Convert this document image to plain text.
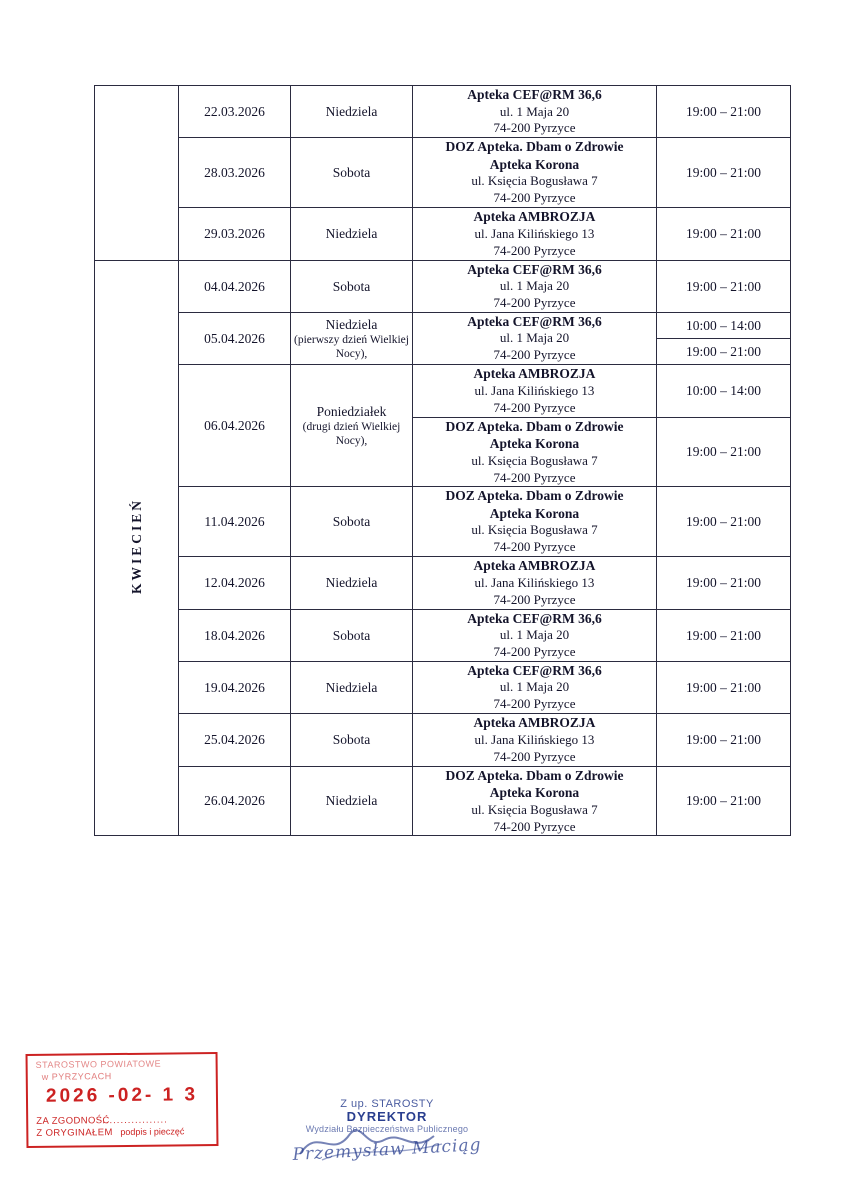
	22.03.2026	Niedziela	Apteka CEF@RM 36,6
ul. 1 Maja 20
74-200 Pyrzyce	19:00 – 21:00
	28.03.2026	Sobota	DOZ Apteka. Dbam o Zdrowie
Apteka Korona
ul. Księcia Bogusława 7
74-200 Pyrzyce	19:00 – 21:00
	29.03.2026	Niedziela	Apteka AMBROZJA
ul. Jana Kilińskiego 13
74-200 Pyrzyce	19:00 – 21:00
KWIECIEŃ	04.04.2026	Sobota	Apteka CEF@RM 36,6
ul. 1 Maja 20
74-200 Pyrzyce	19:00 – 21:00
	05.04.2026	Niedziela
(pierwszy dzień Wielkiej Nocy),	Apteka CEF@RM 36,6
ul. 1 Maja 20
74-200 Pyrzyce	10:00 – 14:00
				19:00 – 21:00
	06.04.2026	Poniedziałek
(drugi dzień Wielkiej Nocy),	Apteka AMBROZJA
ul. Jana Kilińskiego 13
74-200 Pyrzyce	10:00 – 14:00

			DOZ Apteka. Dbam o Zdrowie
Apteka Korona
ul. Księcia Bogusława 7
74-200 Pyrzyce	19:00 – 21:00
	11.04.2026	Sobota	DOZ Apteka. Dbam o Zdrowie
Apteka Korona
ul. Księcia Bogusława 7
74-200 Pyrzyce	19:00 – 21:00
	12.04.2026	Niedziela	Apteka AMBROZJA
ul. Jana Kilińskiego 13
74-200 Pyrzyce	19:00 – 21:00
	18.04.2026	Sobota	Apteka CEF@RM 36,6
ul. 1 Maja 20
74-200 Pyrzyce	19:00 – 21:00
	19.04.2026	Niedziela	Apteka CEF@RM 36,6
ul. 1 Maja 20
74-200 Pyrzyce	19:00 – 21:00
	25.04.2026	Sobota	Apteka AMBROZJA
ul. Jana Kilińskiego 13
74-200 Pyrzyce	19:00 – 21:00
	26.04.2026	Niedziela	DOZ Apteka. Dbam o Zdrowie
Apteka Korona
ul. Księcia Bogusława 7
74-200 Pyrzyce	19:00 – 21:00
STAROSTWO POWIATOWE
w PYRZYCACH
2026 -02- 1 3
ZA ZGODNOŚĆ
Z ORYGINAŁEM
..................
podpis i pieczęć
Z up. STAROSTY
DYREKTOR
Wydziału Bezpieczeństwa Publicznego
Przemysław Maciąg
